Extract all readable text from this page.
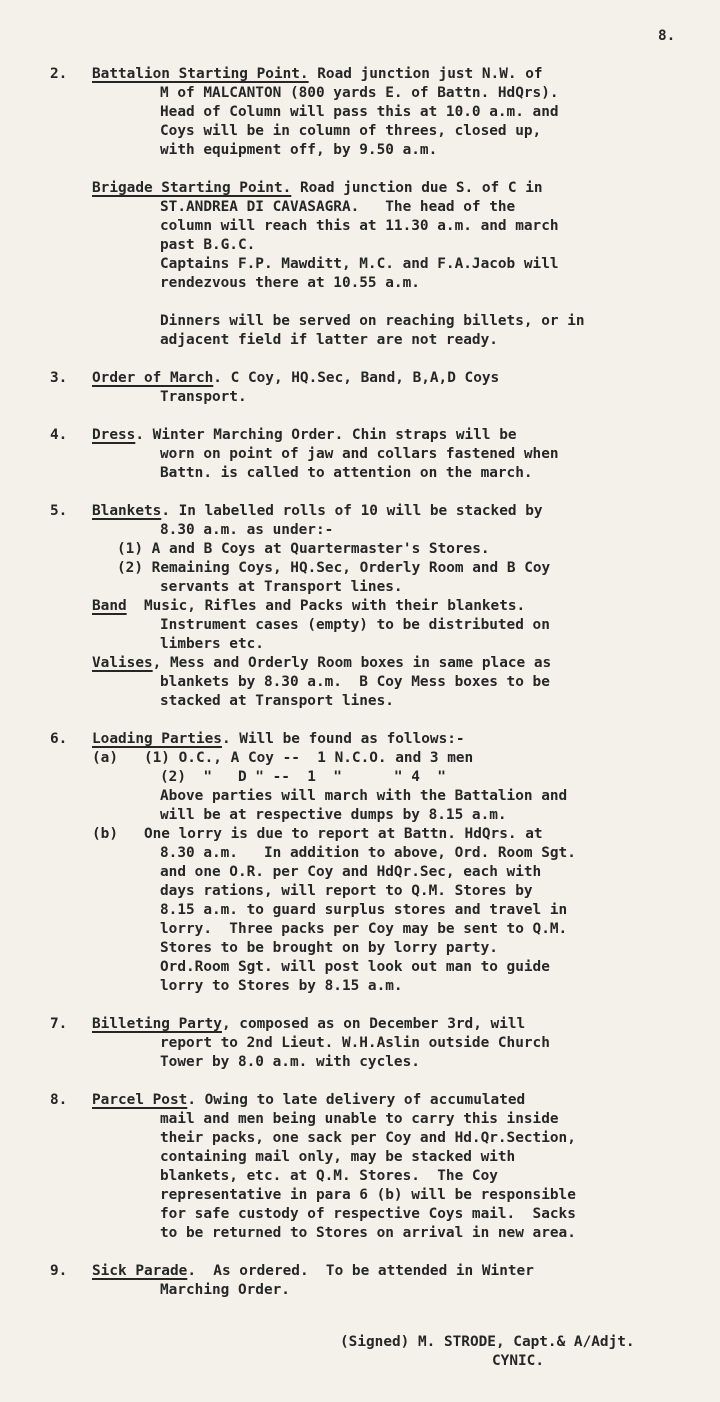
8.
2.
3.
4.
5.
6.
7.
8.
9.
Battalion Starting Point. Road junction just N.W. of
M of MALCANTON (800 yards E. of Battn. HdQrs).
Head of Column will pass this at 10.0 a.m. and
Coys will be in column of threes, closed up,
with equipment off, by 9.50 a.m.
Brigade Starting Point. Road junction due S. of C in
ST.ANDREA DI CAVASAGRA.   The head of the
column will reach this at 11.30 a.m. and march
past B.G.C.
Captains F.P. Mawditt, M.C. and F.A.Jacob will
rendezvous there at 10.55 a.m.
Dinners will be served on reaching billets, or in
adjacent field if latter are not ready.
Order of March. C Coy, HQ.Sec, Band, B,A,D Coys
Transport.
Dress. Winter Marching Order. Chin straps will be
worn on point of jaw and collars fastened when
Battn. is called to attention on the march.
Blankets. In labelled rolls of 10 will be stacked by
8.30 a.m. as under:-
(1) A and B Coys at Quartermaster's Stores.
(2) Remaining Coys, HQ.Sec, Orderly Room and B Coy
servants at Transport lines.
Band  Music, Rifles and Packs with their blankets.
Instrument cases (empty) to be distributed on
limbers etc.
Valises, Mess and Orderly Room boxes in same place as
blankets by 8.30 a.m.  B Coy Mess boxes to be
stacked at Transport lines.
Loading Parties. Will be found as follows:-
(a)   (1) O.C., A Coy --  1 N.C.O. and 3 men
(2)  "   D " --  1  "      " 4  "
Above parties will march with the Battalion and
will be at respective dumps by 8.15 a.m.
(b)   One lorry is due to report at Battn. HdQrs. at
8.30 a.m.   In addition to above, Ord. Room Sgt.
and one O.R. per Coy and HdQr.Sec, each with
days rations, will report to Q.M. Stores by
8.15 a.m. to guard surplus stores and travel in
lorry.  Three packs per Coy may be sent to Q.M.
Stores to be brought on by lorry party.
Ord.Room Sgt. will post look out man to guide
lorry to Stores by 8.15 a.m.
Billeting Party, composed as on December 3rd, will
report to 2nd Lieut. W.H.Aslin outside Church
Tower by 8.0 a.m. with cycles.
Parcel Post. Owing to late delivery of accumulated
mail and men being unable to carry this inside
their packs, one sack per Coy and Hd.Qr.Section,
containing mail only, may be stacked with
blankets, etc. at Q.M. Stores.  The Coy
representative in para 6 (b) will be responsible
for safe custody of respective Coys mail.  Sacks
to be returned to Stores on arrival in new area.
Sick Parade.  As ordered.  To be attended in Winter
Marching Order.
(Signed) M. STRODE, Capt.& A/Adjt.
CYNIC.
